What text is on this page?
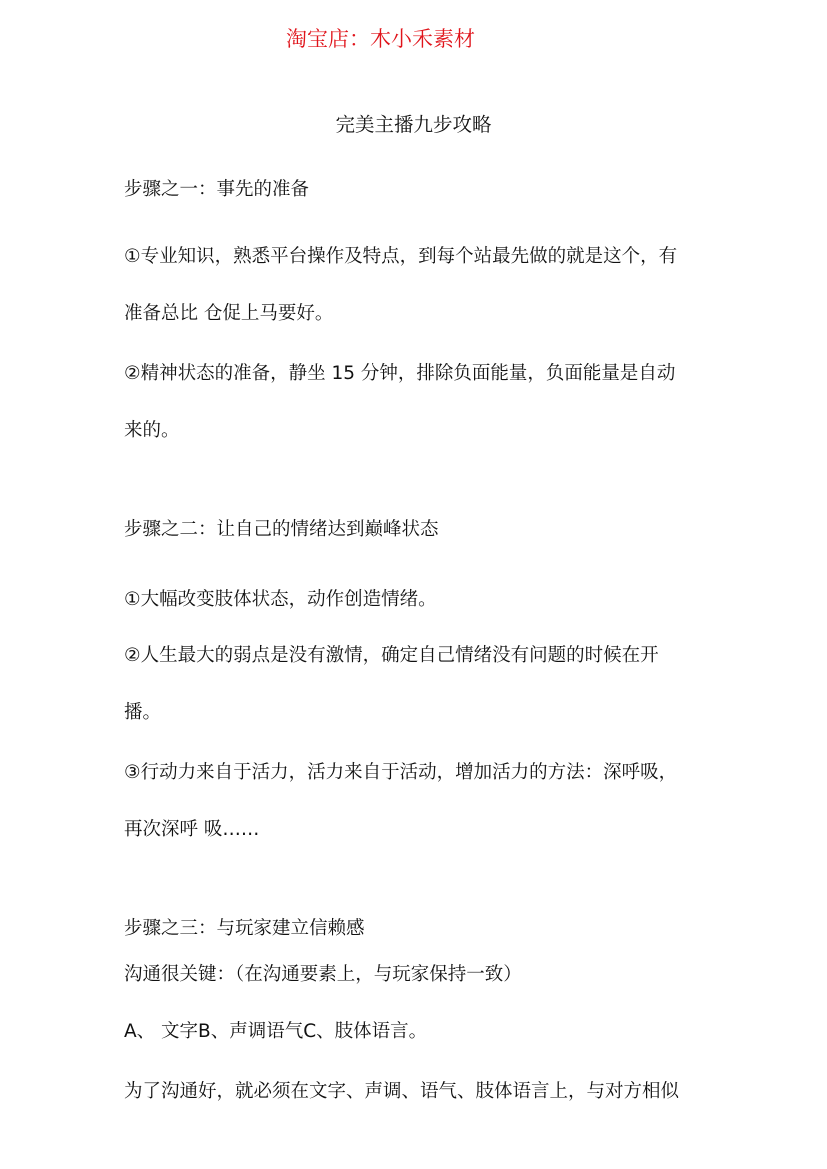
淘宝店：木小禾素材
完美主播九步攻略
步骤之一：事先的准备
①专业知识，熟悉平台操作及特点，到每个站最先做的就是这个，有
准备总比 仓促上马要好。
②精神状态的准备，静坐 15 分钟，排除负面能量，负面能量是自动
来的。
步骤之二：让自己的情绪达到巅峰状态
①大幅改变肢体状态，动作创造情绪。
②人生最大的弱点是没有激情，确定自己情绪没有问题的时候在开
播。
③行动力来自于活力，活力来自于活动，增加活力的方法：深呼吸，
再次深呼 吸……
步骤之三：与玩家建立信赖感
沟通很关键：（在沟通要素上，与玩家保持一致）
A、 文字B、声调语气C、肢体语言。
为了沟通好，就必须在文字、声调、语气、肢体语言上，与对方相似
